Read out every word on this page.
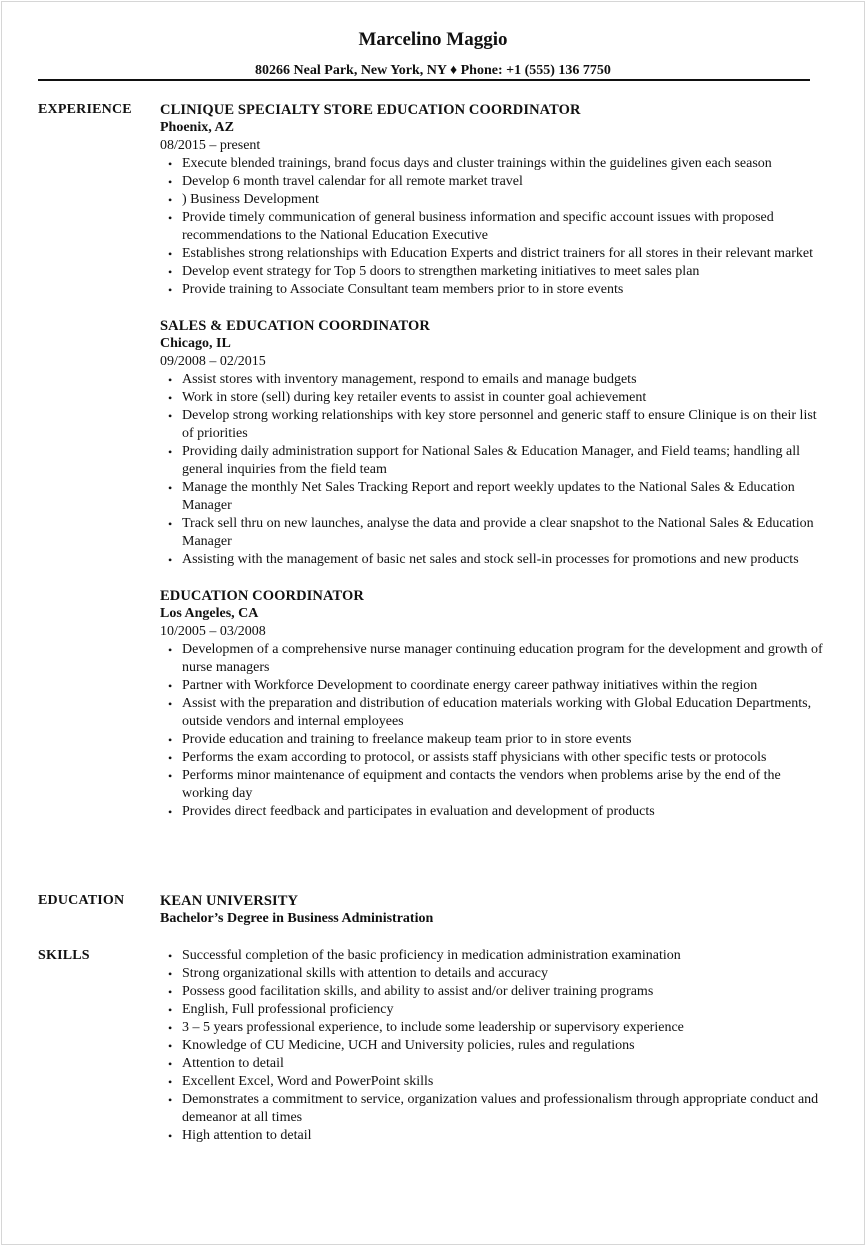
Marcelino Maggio
80266 Neal Park, New York, NY ♦ Phone: +1 (555) 136 7750
EXPERIENCE	CLINIQUE SPECIALTY STORE EDUCATION COORDINATOR
Phoenix, AZ
08/2015 – present
• Execute blended trainings, brand focus days and cluster trainings within the guidelines given each season
• Develop 6 month travel calendar for all remote market travel
• ) Business Development
• Provide timely communication of general business information and specific account issues with proposed recommendations to the National Education Executive
• Establishes strong relationships with Education Experts and district trainers for all stores in their relevant market
• Develop event strategy for Top 5 doors to strengthen marketing initiatives to meet sales plan
• Provide training to Associate Consultant team members prior to in store events
SALES & EDUCATION COORDINATOR
Chicago, IL
09/2008 – 02/2015
• Assist stores with inventory management, respond to emails and manage budgets
• Work in store (sell) during key retailer events to assist in counter goal achievement
• Develop strong working relationships with key store personnel and generic staff to ensure Clinique is on their list of priorities
• Providing daily administration support for National Sales & Education Manager, and Field teams; handling all general inquiries from the field team
• Manage the monthly Net Sales Tracking Report and report weekly updates to the National Sales & Education Manager
• Track sell thru on new launches, analyse the data and provide a clear snapshot to the National Sales & Education Manager
• Assisting with the management of basic net sales and stock sell-in processes for promotions and new products
EDUCATION COORDINATOR
Los Angeles, CA
10/2005 – 03/2008
• Developmen of a comprehensive nurse manager continuing education program for the development and growth of nurse managers
• Partner with Workforce Development to coordinate energy career pathway initiatives within the region
• Assist with the preparation and distribution of education materials working with Global Education Departments, outside vendors and internal employees
• Provide education and training to freelance makeup team prior to in store events
• Performs the exam according to protocol, or assists staff physicians with other specific tests or protocols
• Performs minor maintenance of equipment and contacts the vendors when problems arise by the end of the working day
• Provides direct feedback and participates in evaluation and development of products
EDUCATION	KEAN UNIVERSITY
Bachelor’s Degree in Business Administration
SKILLS
•	Successful completion of the basic proficiency in medication administration examination
• Strong organizational skills with attention to details and accuracy
• Possess good facilitation skills, and ability to assist and/or deliver training programs
• English, Full professional proficiency
• 3 – 5 years professional experience, to include some leadership or supervisory experience
• Knowledge of CU Medicine, UCH and University policies, rules and regulations
• Attention to detail
• Excellent Excel, Word and PowerPoint skills
• Demonstrates a commitment to service, organization values and professionalism through appropriate conduct and demeanor at all times
• High attention to detail
